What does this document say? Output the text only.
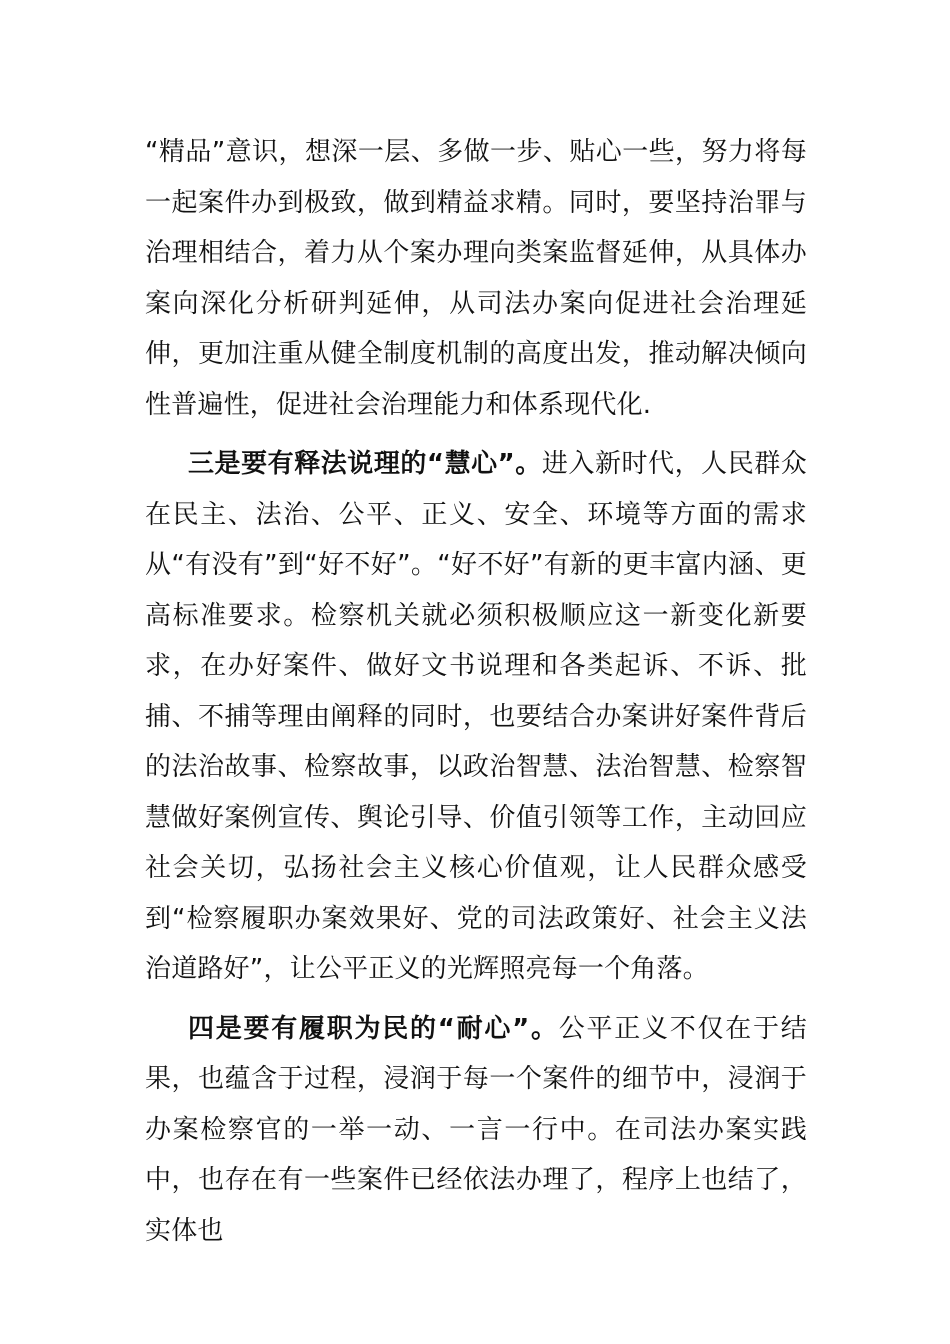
“精品”意识，想深一层、多做一步、贴心一些，努力将每一起案件办到极致，做到精益求精。同时，要坚持治罪与治理相结合，着力从个案办理向类案监督延伸，从具体办案向深化分析研判延伸，从司法办案向促进社会治理延伸，更加注重从健全制度机制的高度出发，推动解决倾向性普遍性，促进社会治理能力和体系现代化.

三是要有释法说理的“慧心”。进入新时代，人民群众在民主、法治、公平、正义、安全、环境等方面的需求从“有没有”到“好不好”。“好不好”有新的更丰富内涵、更高标准要求。检察机关就必须积极顺应这一新变化新要求，在办好案件、做好文书说理和各类起诉、不诉、批捕、不捕等理由阐释的同时，也要结合办案讲好案件背后的法治故事、检察故事，以政治智慧、法治智慧、检察智慧做好案例宣传、舆论引导、价值引领等工作，主动回应社会关切，弘扬社会主义核心价值观，让人民群众感受到“检察履职办案效果好、党的司法政策好、社会主义法治道路好”，让公平正义的光辉照亮每一个角落。

四是要有履职为民的“耐心”。公平正义不仅在于结果，也蕴含于过程，浸润于每一个案件的细节中，浸润于办案检察官的一举一动、一言一行中。在司法办案实践中，也存在有一些案件已经依法办理了，程序上也结了，实体也
